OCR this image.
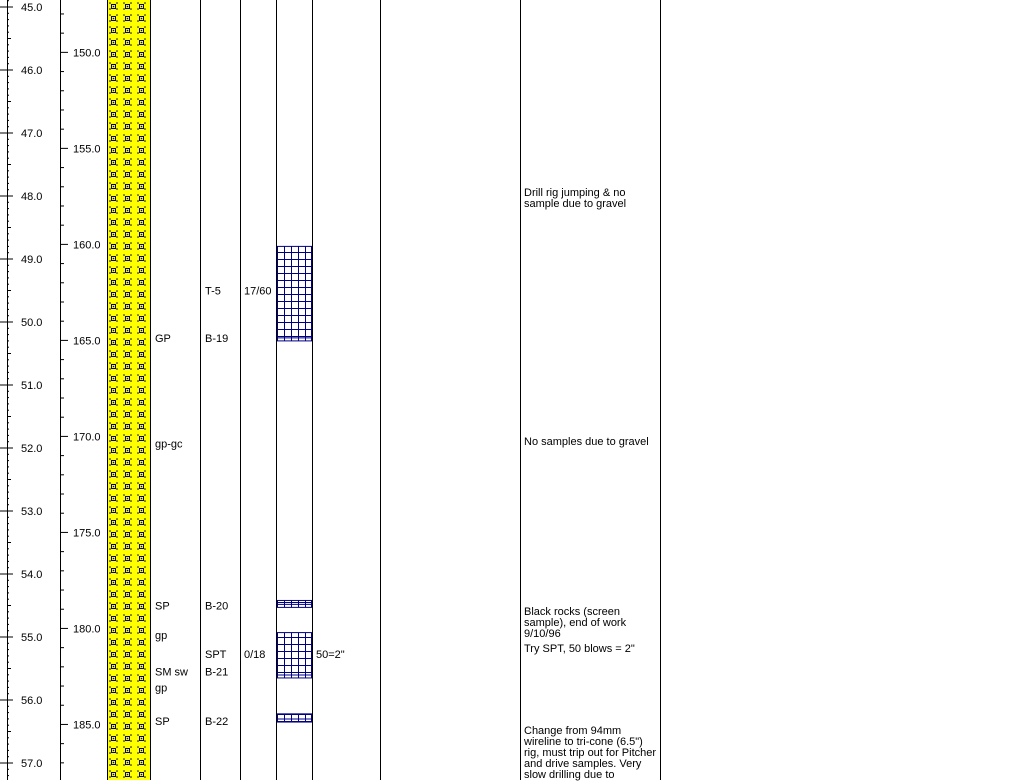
45.0
46.0
47.0
48.0
49.0
50.0
51.0
52.0
53.0
54.0
55.0
56.0
57.0
150.0
155.0
160.0
165.0
170.0
175.0
180.0
185.0
GP
gp-gc
SP
gp
SM sw
gp
SP
T-5
B-19
B-20
SPT
B-21
B-22
17/60
0/18	50=2"
Drill rig jumping & no sample due to gravel
No samples due to gravel
Black rocks (screen sample), end of work 9/10/96
Try SPT, 50 blows = 2"
Change from 94mm wireline to tri-cone (6.5") rig, must trip out for Pitcher and drive samples. Very slow drilling due to
